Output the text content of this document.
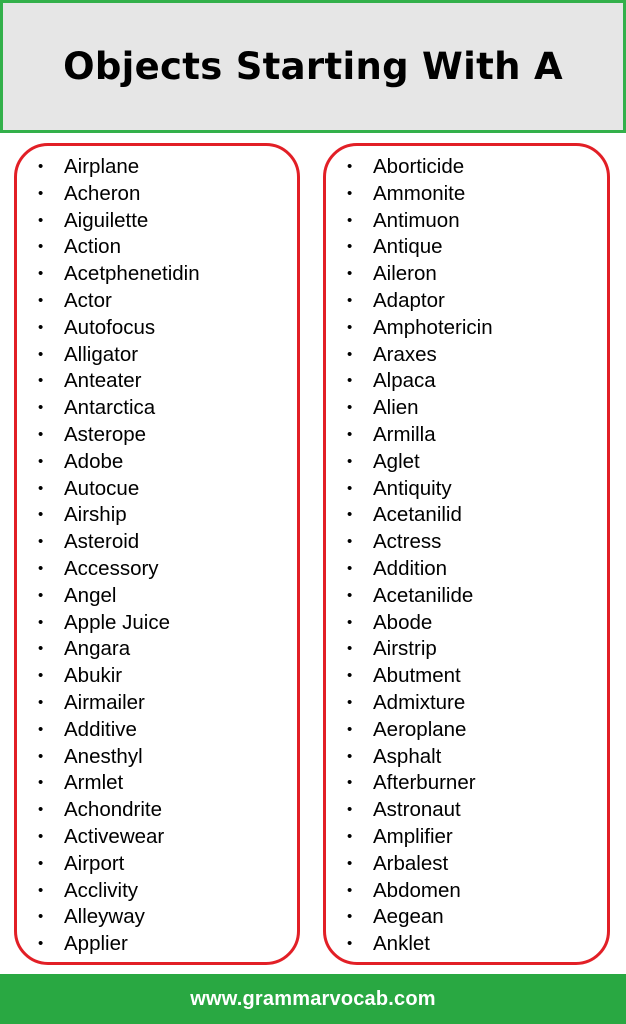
Objects Starting With A
• Airplane
• Acheron
• Aiguilette
• Action
• Acetphenetidin
• Actor
• Autofocus
• Alligator
• Anteater
• Antarctica
• Asterope
• Adobe
• Autocue
• Airship
• Asteroid
• Accessory
• Angel
• Apple Juice
• Angara
• Abukir
• Airmailer
• Additive
• Anesthyl
• Armlet
• Achondrite
• Activewear
• Airport
• Acclivity
• Alleyway
• Applier
• Aborticide
• Ammonite
• Antimuon
• Antique
• Aileron
• Adaptor
• Amphotericin
• Araxes
• Alpaca
• Alien
• Armilla
• Aglet
• Antiquity
• Acetanilid
• Actress
• Addition
• Acetanilide
• Abode
• Airstrip
• Abutment
• Admixture
• Aeroplane
• Asphalt
• Afterburner
• Astronaut
• Amplifier
• Arbalest
• Abdomen
• Aegean
• Anklet
www.grammarvocab.com
